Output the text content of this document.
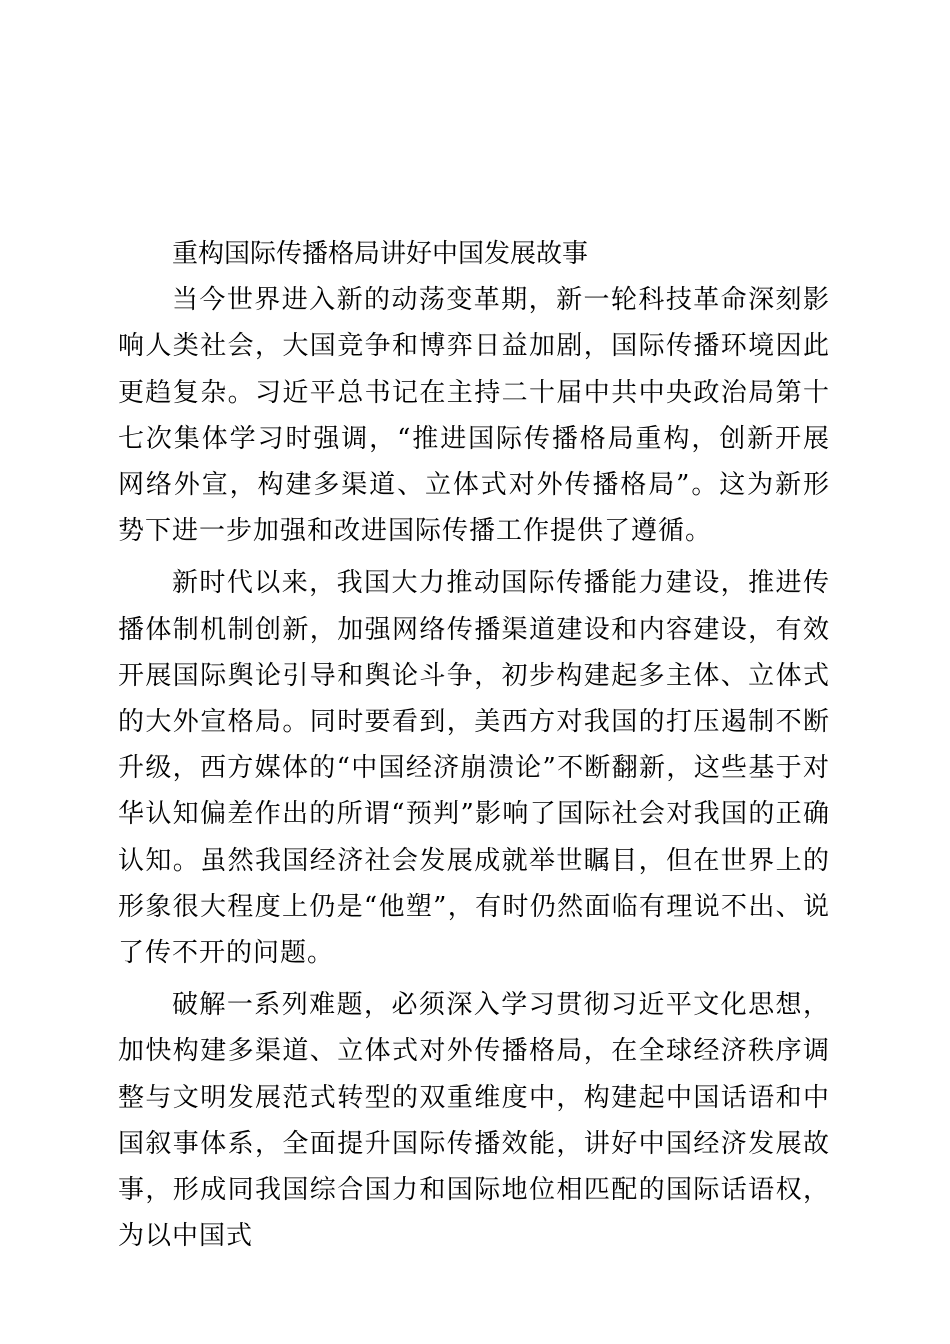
重构国际传播格局讲好中国发展故事

当今世界进入新的动荡变革期，新一轮科技革命深刻影响人类社会，大国竞争和博弈日益加剧，国际传播环境因此更趋复杂。习近平总书记在主持二十届中共中央政治局第十七次集体学习时强调，“推进国际传播格局重构，创新开展网络外宣，构建多渠道、立体式对外传播格局”。这为新形势下进一步加强和改进国际传播工作提供了遵循。

新时代以来，我国大力推动国际传播能力建设，推进传播体制机制创新，加强网络传播渠道建设和内容建设，有效开展国际舆论引导和舆论斗争，初步构建起多主体、立体式的大外宣格局。同时要看到，美西方对我国的打压遏制不断升级，西方媒体的“中国经济崩溃论”不断翻新，这些基于对华认知偏差作出的所谓“预判”影响了国际社会对我国的正确认知。虽然我国经济社会发展成就举世瞩目，但在世界上的形象很大程度上仍是“他塑”，有时仍然面临有理说不出、说了传不开的问题。

破解一系列难题，必须深入学习贯彻习近平文化思想，加快构建多渠道、立体式对外传播格局，在全球经济秩序调整与文明发展范式转型的双重维度中，构建起中国话语和中国叙事体系，全面提升国际传播效能，讲好中国经济发展故事，形成同我国综合国力和国际地位相匹配的国际话语权，为以中国式
